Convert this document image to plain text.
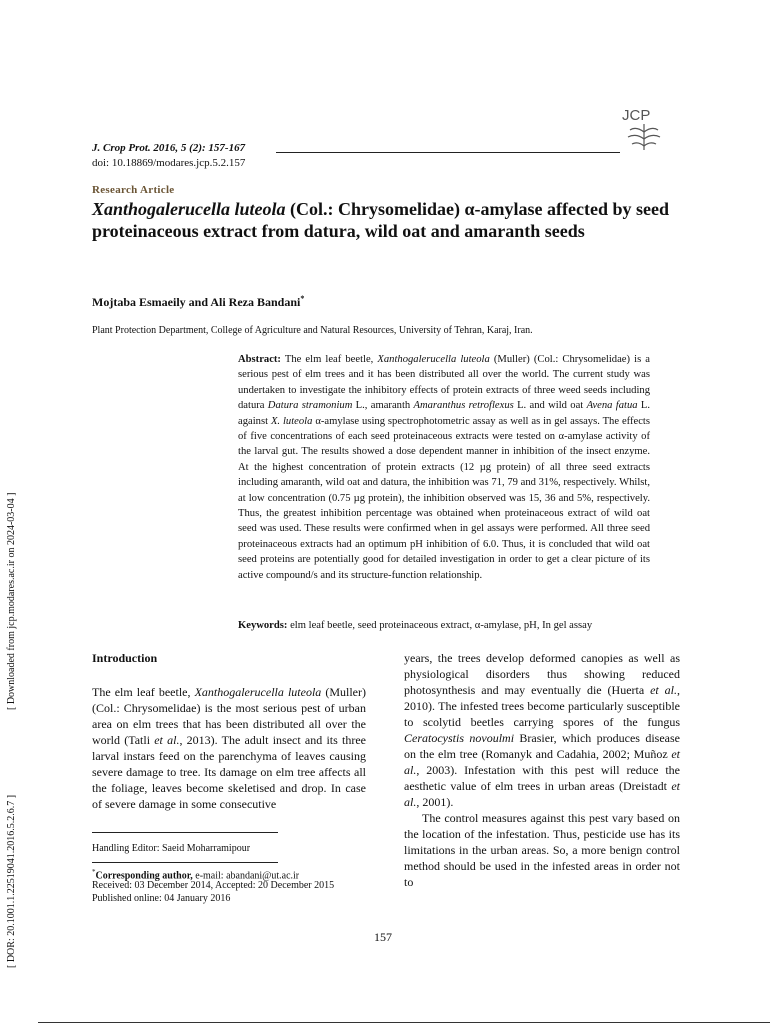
JCP
J. Crop Prot. 2016, 5 (2): 157-167
doi: 10.18869/modares.jcp.5.2.157
Research Article
Xanthogalerucella luteola (Col.: Chrysomelidae) α-amylase affected by seed proteinaceous extract from datura, wild oat and amaranth seeds
Mojtaba Esmaeily and Ali Reza Bandani*
Plant Protection Department, College of Agriculture and Natural Resources, University of Tehran, Karaj, Iran.
Abstract: The elm leaf beetle, Xanthogalerucella luteola (Muller) (Col.: Chrysomelidae) is a serious pest of elm trees and it has been distributed all over the world. The current study was undertaken to investigate the inhibitory effects of protein extracts of three weed seeds including datura Datura stramonium L., amaranth Amaranthus retroflexus L. and wild oat Avena fatua L. against X. luteola α-amylase using spectrophotometric assay as well as in gel assays. The effects of five concentrations of each seed proteinaceous extracts were tested on α-amylase activity of the larval gut. The results showed a dose dependent manner in inhibition of the insect enzyme. At the highest concentration of protein extracts (12 µg protein) of all three seed extracts including amaranth, wild oat and datura, the inhibition was 71, 79 and 31%, respectively. Whilst, at low concentration (0.75 µg protein), the inhibition observed was 15, 36 and 5%, respectively. Thus, the greatest inhibition percentage was obtained when proteinaceous extract of wild oat seed was used. These results were confirmed when in gel assays were performed. All three seed proteinaceous extracts had an optimum pH inhibition of 6.0. Thus, it is concluded that wild oat seed proteins are potentially good for detailed investigation in order to get a clear picture of its active compound/s and its structure-function relationship.
Keywords: elm leaf beetle, seed proteinaceous extract, α-amylase, pH, In gel assay
Introduction

The elm leaf beetle, Xanthogalerucella luteola (Muller) (Col.: Chrysomelidae) is the most serious pest of urban area on elm trees that has been distributed all over the world (Tatli et al., 2013). The adult insect and its three larval instars feed on the parenchyma of leaves causing severe damage to tree. Its damage on elm tree affects all the foliage, leaves become skeletised and drop. In case of severe damage in some consecutive

years, the trees develop deformed canopies as well as physiological disorders thus showing reduced photosynthesis and may eventually die (Huerta et al., 2010). The infested trees become particularly susceptible to scolytid beetles carrying spores of the fungus Ceratocystis novoulmi Brasier, which produces disease on the elm tree (Romanyk and Cadahia, 2002; Muñoz et al., 2003). Infestation with this pest will reduce the aesthetic value of elm trees in urban areas (Dreistadt et al., 2001).

The control measures against this pest vary based on the location of the infestation. Thus, pesticide use has its limitations in the urban areas. So, a more benign control method should be used in the infested areas in order not to

Handling Editor: Saeid Moharramipour
*Corresponding author, e-mail: abandani@ut.ac.ir
Received: 03 December 2014, Accepted: 20 December 2015
Published online: 04 January 2016
157
[ Downloaded from jcp.modares.ac.ir on 2024-03-04 ]
[ DOR: 20.1001.1.22519041.2016.5.2.6.7 ]
